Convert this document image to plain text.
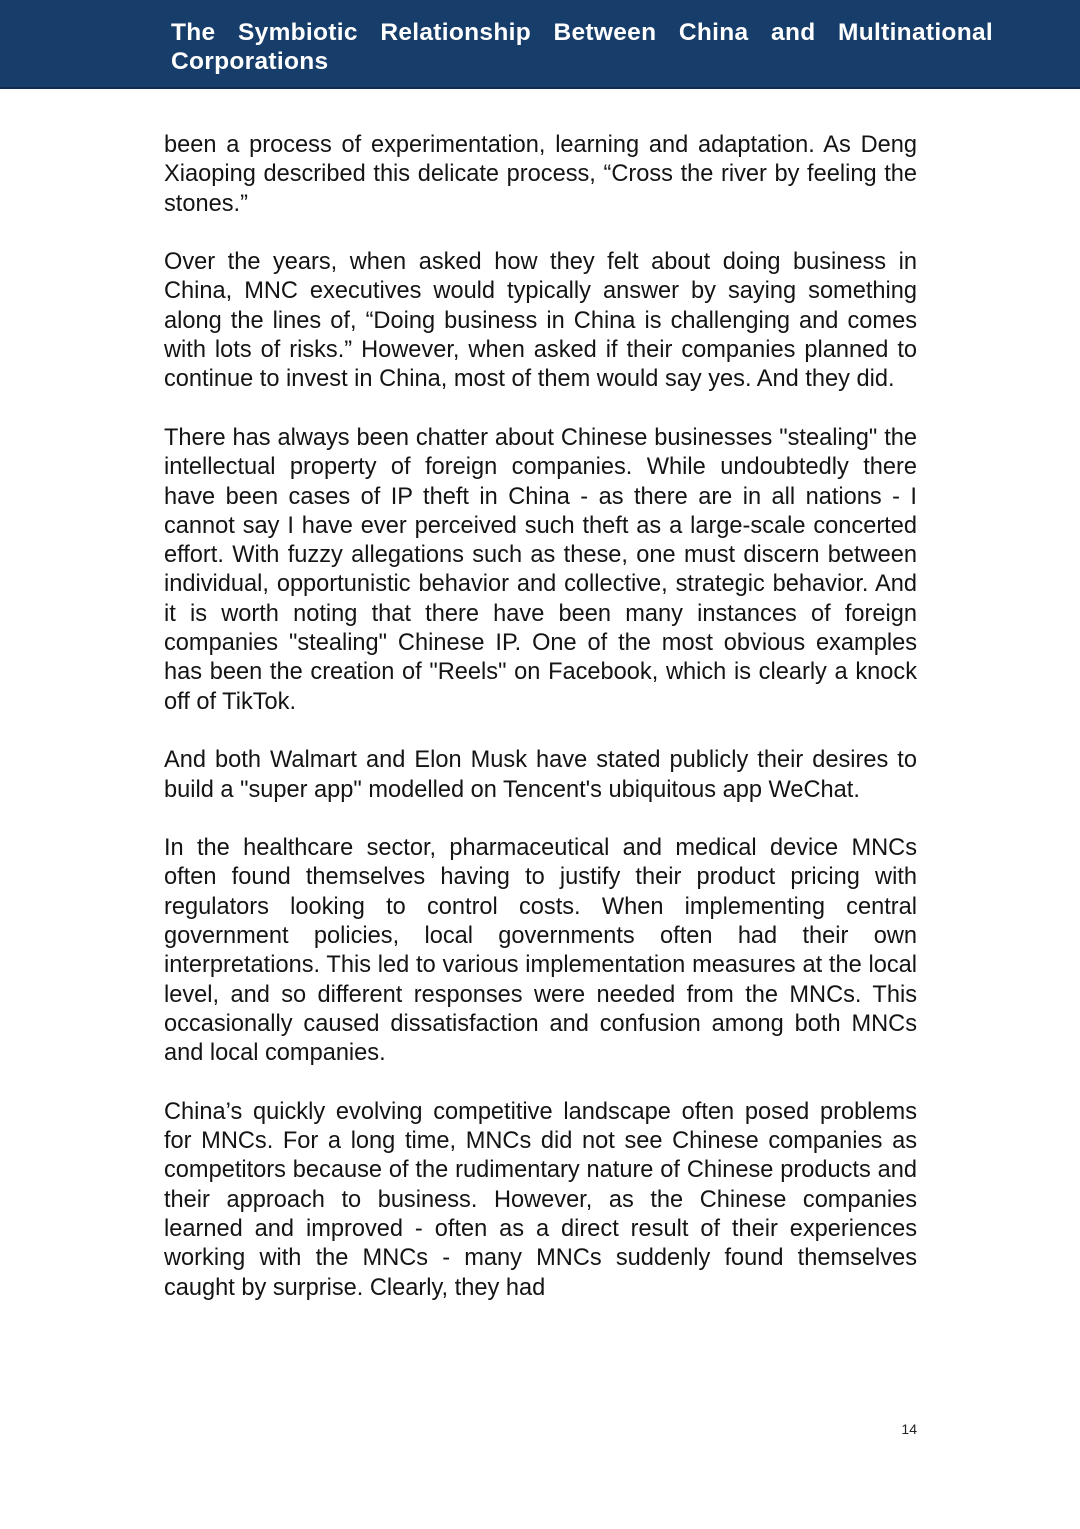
The Symbiotic Relationship Between China and Multinational Corporations

been a process of experimentation, learning and adaptation. As Deng Xiaoping described this delicate process, “Cross the river by feeling the stones.”

Over the years, when asked how they felt about doing business in China, MNC executives would typically answer by saying something along the lines of, “Doing business in China is challenging and comes with lots of risks.” However, when asked if their companies planned to continue to invest in China, most of them would say yes. And they did.

There has always been chatter about Chinese businesses "stealing" the intellectual property of foreign companies. While undoubtedly there have been cases of IP theft in China - as there are in all nations - I cannot say I have ever perceived such theft as a large-scale concerted effort. With fuzzy allegations such as these, one must discern between individual, opportunistic behavior and collective, strategic behavior. And it is worth noting that there have been many instances of foreign companies "stealing" Chinese IP. One of the most obvious examples has been the creation of "Reels" on Facebook, which is clearly a knock off of TikTok.

And both Walmart and Elon Musk have stated publicly their desires to build a "super app" modelled on Tencent's ubiquitous app WeChat.

In the healthcare sector, pharmaceutical and medical device MNCs often found themselves having to justify their product pricing with regulators looking to control costs. When implementing central government policies, local governments often had their own interpretations. This led to various implementation measures at the local level, and so different responses were needed from the MNCs. This occasionally caused dissatisfaction and confusion among both MNCs and local companies.

China’s quickly evolving competitive landscape often posed problems for MNCs. For a long time, MNCs did not see Chinese companies as competitors because of the rudimentary nature of Chinese products and their approach to business. However, as the Chinese companies learned and improved - often as a direct result of their experiences working with the MNCs - many MNCs suddenly found themselves caught by surprise. Clearly, they had

14
